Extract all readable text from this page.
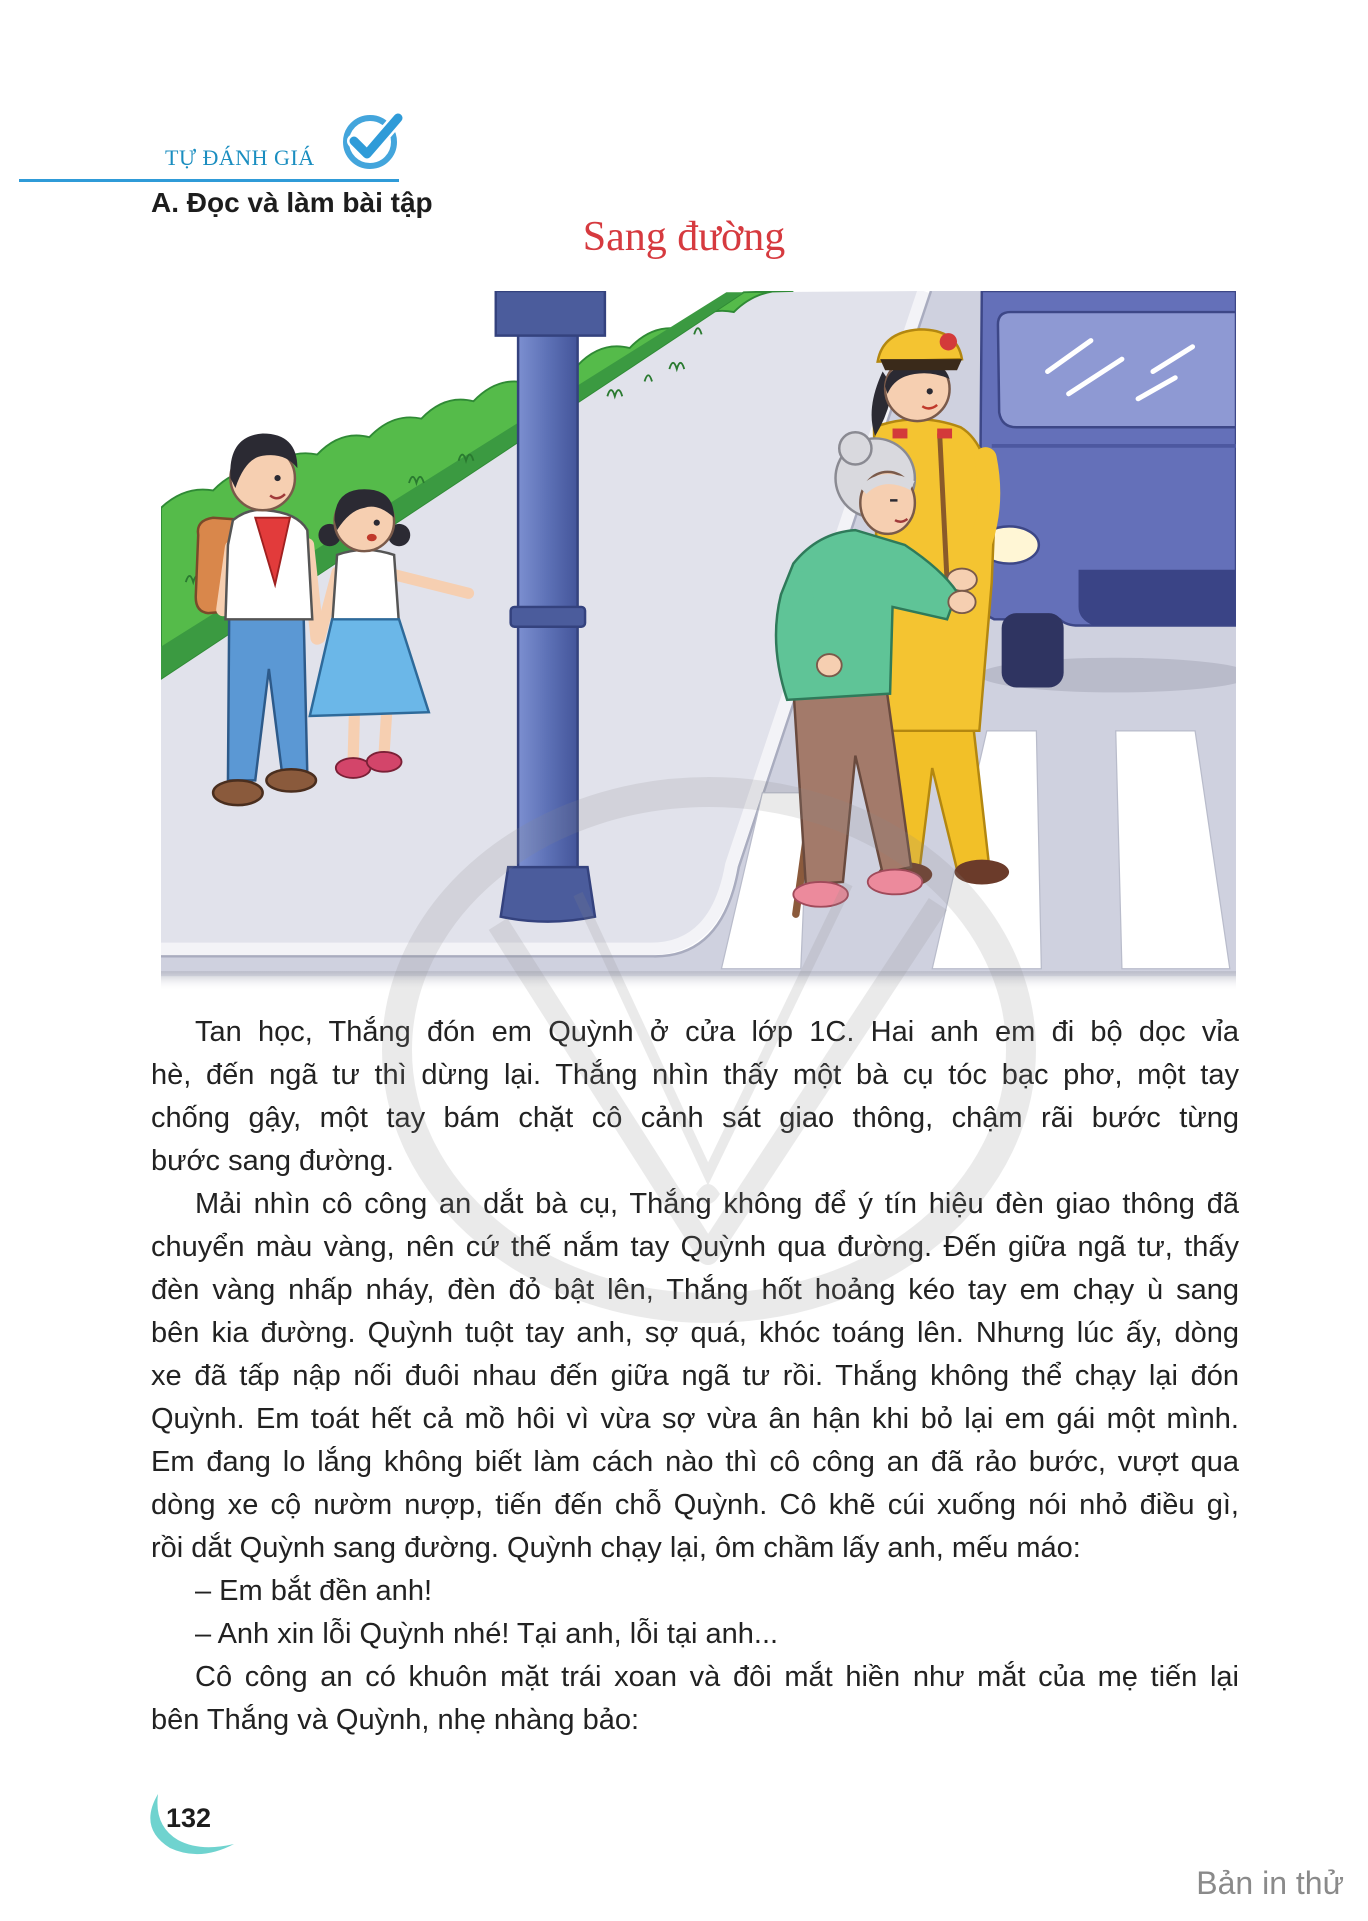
TỰ ĐÁNH GIÁ
A. Đọc và làm bài tập
Sang đường
Tan học, Thắng đón em Quỳnh ở cửa lớp 1C. Hai anh em đi bộ dọc vỉa
hè, đến ngã tư thì dừng lại. Thắng nhìn thấy một bà cụ tóc bạc phơ, một tay
chống gậy, một tay bám chặt cô cảnh sát giao thông, chậm rãi bước từng
bước sang đường.
Mải nhìn cô công an dắt bà cụ, Thắng không để ý tín hiệu đèn giao thông đã
chuyển màu vàng, nên cứ thế nắm tay Quỳnh qua đường. Đến giữa ngã tư, thấy
đèn vàng nhấp nháy, đèn đỏ bật lên, Thắng hốt hoảng kéo tay em chạy ù sang
bên kia đường. Quỳnh tuột tay anh, sợ quá, khóc toáng lên. Nhưng lúc ấy, dòng
xe đã tấp nập nối đuôi nhau đến giữa ngã tư rồi. Thắng không thể chạy lại đón
Quỳnh. Em toát hết cả mồ hôi vì vừa sợ vừa ân hận khi bỏ lại em gái một mình.
Em đang lo lắng không biết làm cách nào thì cô công an đã rảo bước, vượt qua
dòng xe cộ nườm nượp, tiến đến chỗ Quỳnh. Cô khẽ cúi xuống nói nhỏ điều gì,
rồi dắt Quỳnh sang đường. Quỳnh chạy lại, ôm chầm lấy anh, mếu máo:
– Em bắt đền anh!
– Anh xin lỗi Quỳnh nhé! Tại anh, lỗi tại anh...
Cô công an có khuôn mặt trái xoan và đôi mắt hiền như mắt của mẹ tiến lại
bên Thắng và Quỳnh, nhẹ nhàng bảo:
132
Bản in thử
